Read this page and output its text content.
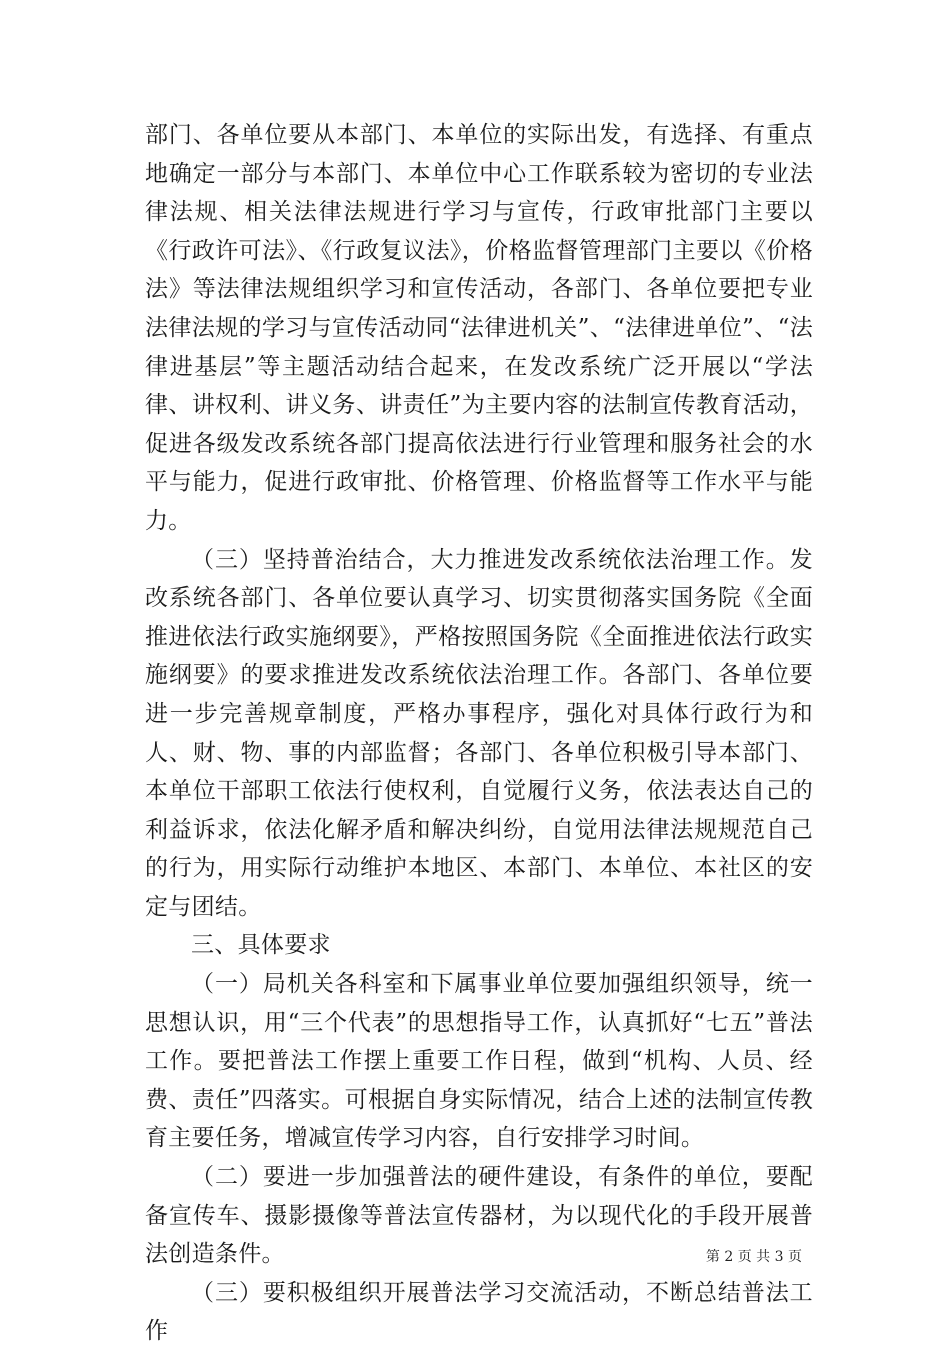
部门、各单位要从本部门、本单位的实际出发，有选择、有重点地确定一部分与本部门、本单位中心工作联系较为密切的专业法律法规、相关法律法规进行学习与宣传，行政审批部门主要以《行政许可法》、《行政复议法》，价格监督管理部门主要以《价格法》等法律法规组织学习和宣传活动，各部门、各单位要把专业法律法规的学习与宣传活动同“法律进机关”、“法律进单位”、“法律进基层”等主题活动结合起来，在发改系统广泛开展以“学法律、讲权利、讲义务、讲责任”为主要内容的法制宣传教育活动，促进各级发改系统各部门提高依法进行行业管理和服务社会的水平与能力，促进行政审批、价格管理、价格监督等工作水平与能力。

（三）坚持普治结合，大力推进发改系统依法治理工作。发改系统各部门、各单位要认真学习、切实贯彻落实国务院《全面推进依法行政实施纲要》，严格按照国务院《全面推进依法行政实施纲要》的要求推进发改系统依法治理工作。各部门、各单位要进一步完善规章制度，严格办事程序，强化对具体行政行为和人、财、物、事的内部监督；各部门、各单位积极引导本部门、本单位干部职工依法行使权利，自觉履行义务，依法表达自己的利益诉求，依法化解矛盾和解决纠纷，自觉用法律法规规范自己的行为，用实际行动维护本地区、本部门、本单位、本社区的安定与团结。

三、具体要求

（一）局机关各科室和下属事业单位要加强组织领导，统一思想认识，用“三个代表”的思想指导工作，认真抓好“七五”普法工作。要把普法工作摆上重要工作日程，做到“机构、人员、经费、责任”四落实。可根据自身实际情况，结合上述的法制宣传教育主要任务，增减宣传学习内容，自行安排学习时间。

（二）要进一步加强普法的硬件建设，有条件的单位，要配备宣传车、摄影摄像等普法宣传器材，为以现代化的手段开展普法创造条件。

（三）要积极组织开展普法学习交流活动，不断总结普法工作

第 2 页 共 3 页
